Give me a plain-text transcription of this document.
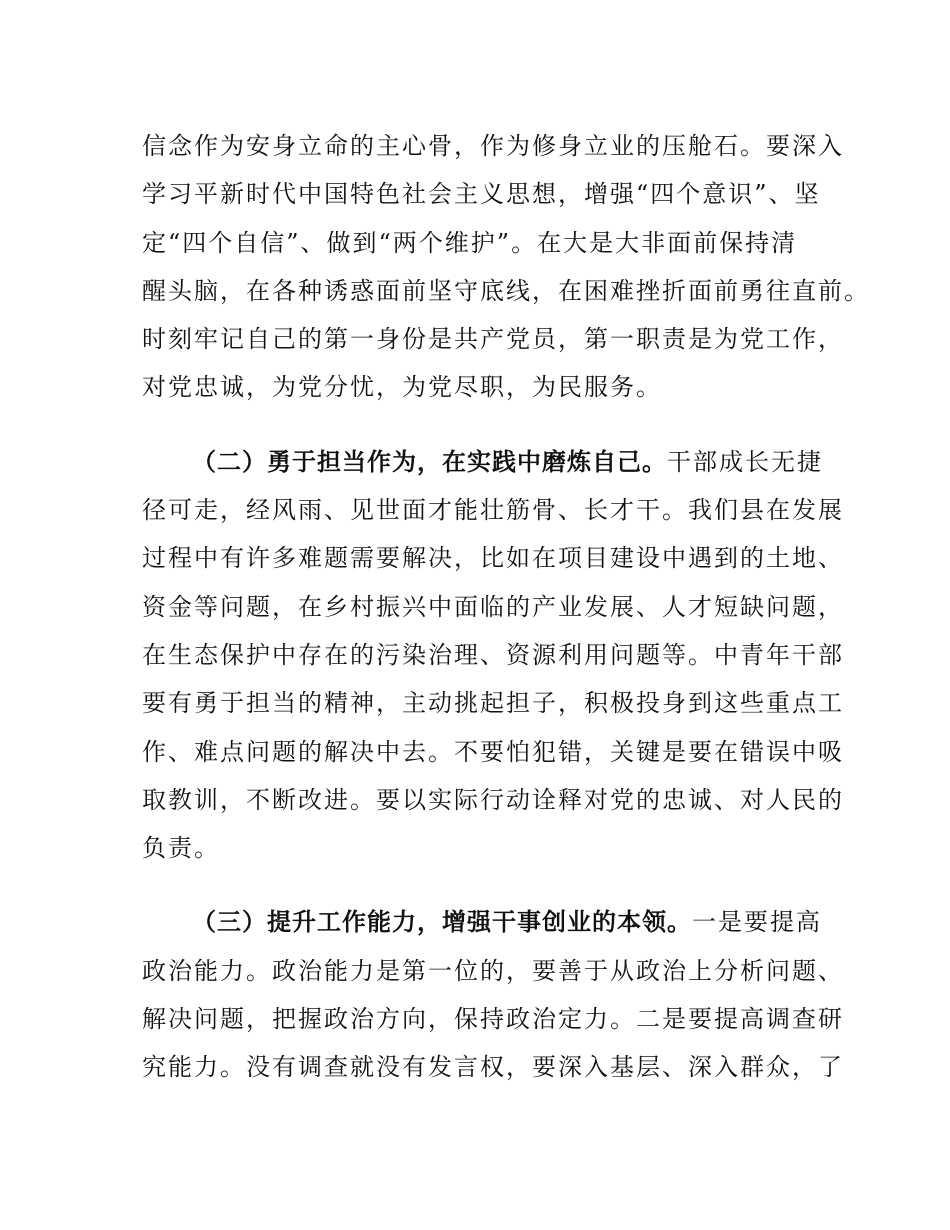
信念作为安身立命的主心骨，作为修身立业的压舱石。要深入
学习平新时代中国特色社会主义思想，增强“四个意识”、坚
定“四个自信”、做到“两个维护”。在大是大非面前保持清
醒头脑，在各种诱惑面前坚守底线，在困难挫折面前勇往直前。
时刻牢记自己的第一身份是共产党员，第一职责是为党工作，
对党忠诚，为党分忧，为党尽职，为民服务。
（二）勇于担当作为，在实践中磨炼自己。干部成长无捷
径可走，经风雨、见世面才能壮筋骨、长才干。我们县在发展
过程中有许多难题需要解决，比如在项目建设中遇到的土地、
资金等问题，在乡村振兴中面临的产业发展、人才短缺问题，
在生态保护中存在的污染治理、资源利用问题等。中青年干部
要有勇于担当的精神，主动挑起担子，积极投身到这些重点工
作、难点问题的解决中去。不要怕犯错，关键是要在错误中吸
取教训，不断改进。要以实际行动诠释对党的忠诚、对人民的
负责。
（三）提升工作能力，增强干事创业的本领。一是要提高
政治能力。政治能力是第一位的，要善于从政治上分析问题、
解决问题，把握政治方向，保持政治定力。二是要提高调查研
究能力。没有调查就没有发言权，要深入基层、深入群众，了
